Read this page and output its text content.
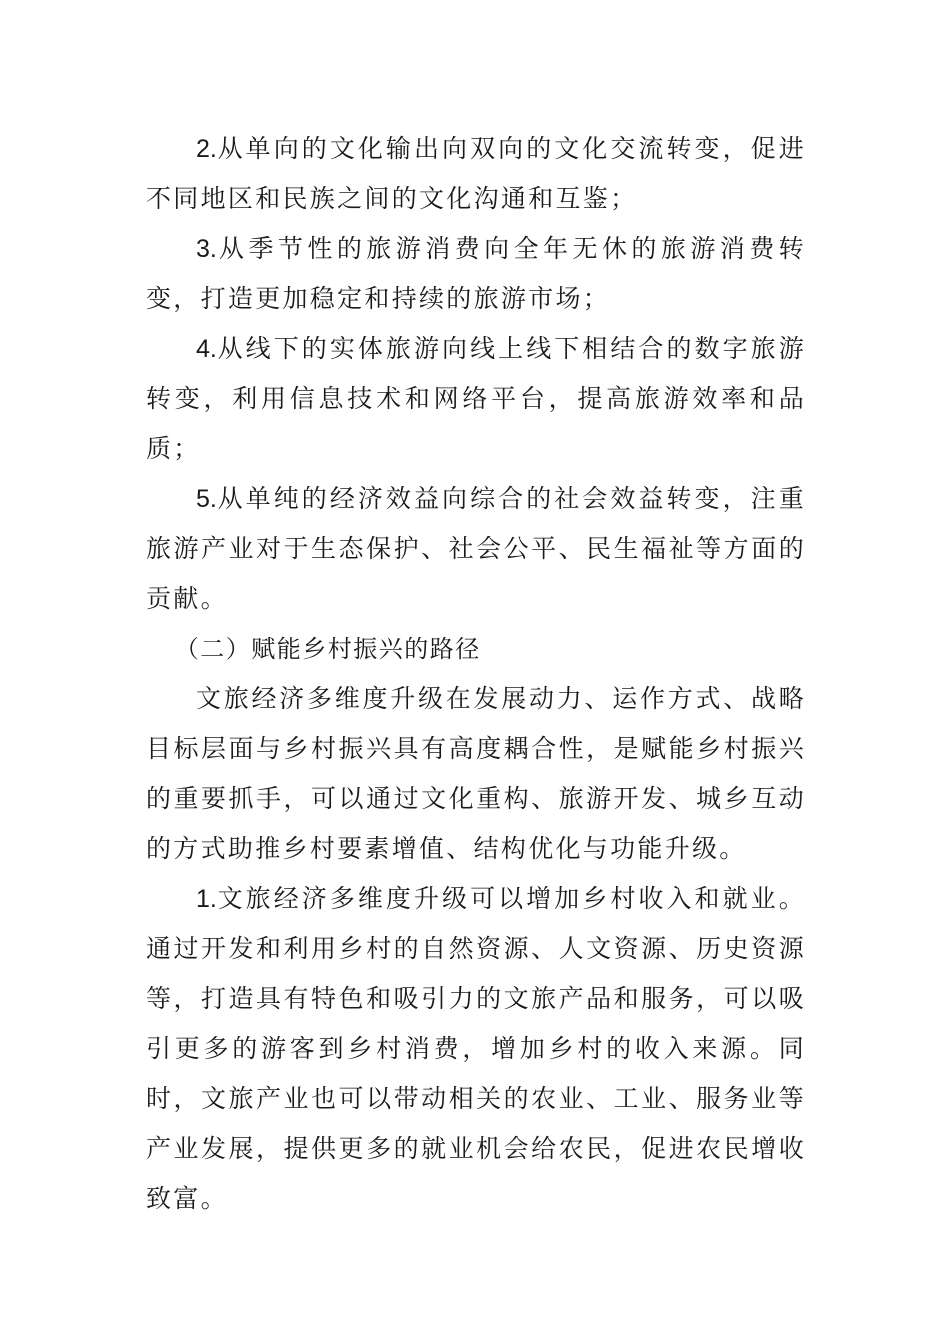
2.从单向的文化输出向双向的文化交流转变，促进不同地区和民族之间的文化沟通和互鉴；

3.从季节性的旅游消费向全年无休的旅游消费转变，打造更加稳定和持续的旅游市场；

4.从线下的实体旅游向线上线下相结合的数字旅游转变，利用信息技术和网络平台，提高旅游效率和品质；

5.从单纯的经济效益向综合的社会效益转变，注重旅游产业对于生态保护、社会公平、民生福祉等方面的贡献。

（二）赋能乡村振兴的路径

文旅经济多维度升级在发展动力、运作方式、战略目标层面与乡村振兴具有高度耦合性，是赋能乡村振兴的重要抓手，可以通过文化重构、旅游开发、城乡互动的方式助推乡村要素增值、结构优化与功能升级。

1.文旅经济多维度升级可以增加乡村收入和就业。通过开发和利用乡村的自然资源、人文资源、历史资源等，打造具有特色和吸引力的文旅产品和服务，可以吸引更多的游客到乡村消费，增加乡村的收入来源。同时，文旅产业也可以带动相关的农业、工业、服务业等产业发展，提供更多的就业机会给农民，促进农民增收致富。
